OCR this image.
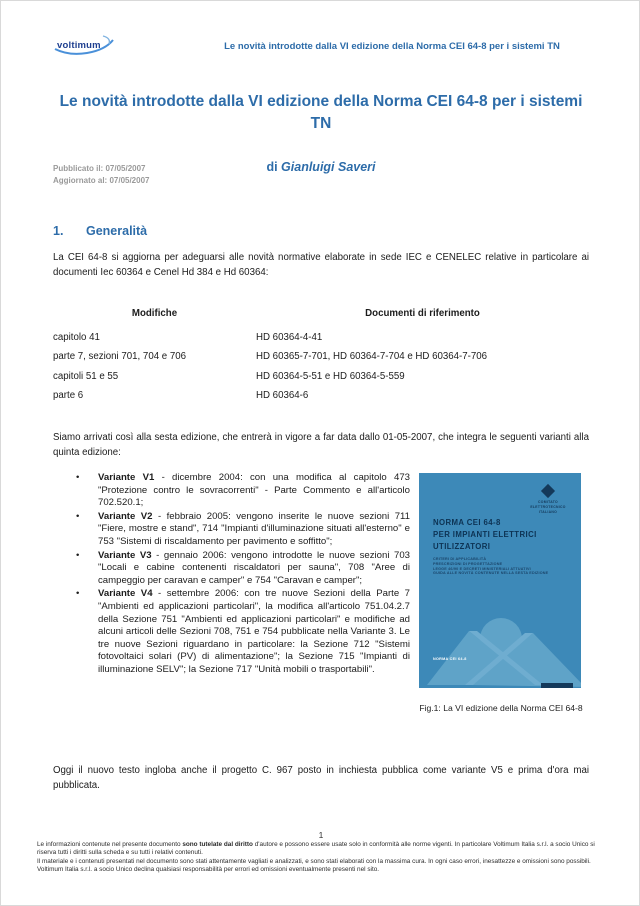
voltimum	Le novità introdotte dalla VI edizione della Norma CEI 64-8 per i sistemi TN
Le novità introdotte dalla VI edizione della Norma CEI 64-8 per i sistemi
TN
Pubblicato il: 07/05/2007
Aggiornato al: 07/05/2007
di Gianluigi Saveri
1. Generalità

La CEI 64-8 si aggiorna per adeguarsi alle novità normative elaborate in sede IEC e CENELEC relative in particolare ai documenti Iec 60364 e Cenel Hd 384 e Hd 60364:

Modifiche	Documenti di riferimento
capitolo 41	HD 60364-4-41
parte 7, sezioni 701, 704 e 706	HD 60365-7-701, HD 60364-7-704 e HD 60364-7-706
capitoli 51 e 55	HD 60364-5-51 e HD 60364-5-559
parte 6	HD 60364-6

Siamo arrivati così alla sesta edizione, che entrerà in vigore a far data dallo 01-05-2007, che integra le seguenti varianti alla quinta edizione:

•	Variante V1 - dicembre 2004: con una modifica al capitolo 473 "Protezione contro le sovracorrenti" - Parte Commento e all'articolo 702.520.1;
•	Variante V2 - febbraio 2005: vengono inserite le nuove sezioni 711 "Fiere, mostre e stand", 714 "Impianti d'illuminazione situati all'esterno" e 753 "Sistemi di riscaldamento per pavimento e soffitto";
•	Variante V3 - gennaio 2006: vengono introdotte le nuove sezioni 703 "Locali e cabine contenenti riscaldatori per sauna", 708 "Aree di campeggio per caravan e camper" e 754 "Caravan e camper";
•	Variante V4 - settembre 2006: con tre nuove Sezioni della Parte 7 "Ambienti ed applicazioni particolari", la modifica all'articolo 751.04.2.7 della Sezione 751 "Ambienti ed applicazioni particolari" e modifiche ad alcuni articoli delle Sezioni 708, 751 e 754 pubblicate nella Variante 3. Le tre nuove Sezioni riguardano in particolare: la Sezione 712 "Sistemi fotovoltaici solari (PV) di alimentazione"; la Sezione 715 "Impianti di illuminazione SELV"; la Sezione 717 "Unità mobili o trasportabili".
COMITATO
ELETTROTECNICO
ITALIANO
NORMA CEI 64-8
PER IMPIANTI ELETTRICI
UTILIZZATORI
CRITERI DI APPLICABILITÀ
PRESCRIZIONI DI PROGETTAZIONE
LEGGE 46/90 E DECRETI MINISTERIALI ATTUATIVI
GUIDA ALLE NOVITÀ CONTENUTE NELLA SESTA EDIZIONE
NORMA CEI 64-8
Fig.1: La VI edizione della Norma CEI 64-8

Oggi il nuovo testo ingloba anche il progetto C. 967 posto in inchiesta pubblica come variante V5 e prima d'ora mai pubblicata.

1
Le informazioni contenute nel presente documento sono tutelate dal diritto d'autore e possono essere usate solo in conformità alle norme vigenti. In particolare Voltimum Italia s.r.l. a socio Unico si riserva tutti i diritti sulla scheda e su tutti i relativi contenuti.
Il materiale e i contenuti presentati nel documento sono stati attentamente vagliati e analizzati, e sono stati elaborati con la massima cura. In ogni caso errori, inesattezze e omissioni sono possibili. Voltimum Italia s.r.l. a socio Unico declina qualsiasi responsabilità per errori ed omissioni eventualmente presenti nel sito.
